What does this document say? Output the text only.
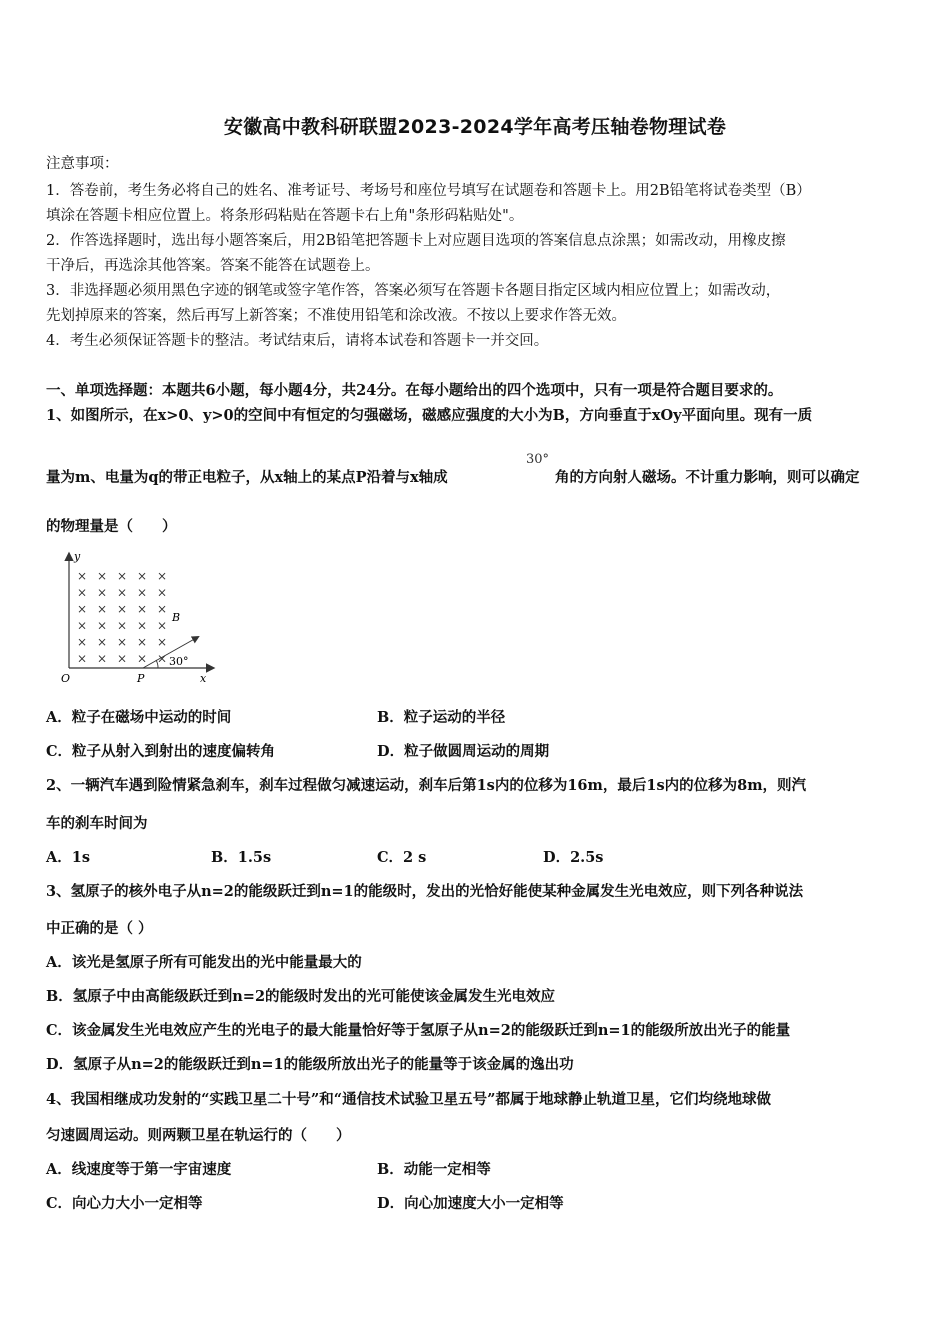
安徽高中教科研联盟2023-2024学年高考压轴卷物理试卷
注意事项：
1．答卷前，考生务必将自己的姓名、准考证号、考场号和座位号填写在试题卷和答题卡上。用2B铅笔将试卷类型（B）
填涂在答题卡相应位置上。将条形码粘贴在答题卡右上角"条形码粘贴处"。
2．作答选择题时，选出每小题答案后，用2B铅笔把答题卡上对应题目选项的答案信息点涂黑；如需改动，用橡皮擦
干净后，再选涂其他答案。答案不能答在试题卷上。
3．非选择题必须用黑色字迹的钢笔或签字笔作答，答案必须写在答题卡各题目指定区域内相应位置上；如需改动，
先划掉原来的答案，然后再写上新答案；不准使用铅笔和涂改液。不按以上要求作答无效。
4．考生必须保证答题卡的整洁。考试结束后，请将本试卷和答题卡一并交回。
一、单项选择题：本题共6小题，每小题4分，共24分。在每小题给出的四个选项中，只有一项是符合题目要求的。
1、如图所示，在x>0、y>0的空间中有恒定的匀强磁场，磁感应强度的大小为B，方向垂直于xOy平面向里。现有一质
量为m、电量为q的带正电粒子，从x轴上的某点P沿着与x轴成
30°
角的方向射人磁场。不计重力影响，则可以确定
的物理量是（　　）
y
x
O	P
B
× × × × ×
× × × × ×
× × × × ×
× × × × ×
× × × × ×
× × × × × 30°
A．粒子在磁场中运动的时间	B．粒子运动的半径
C．粒子从射入到射出的速度偏转角	D．粒子做圆周运动的周期
2、一辆汽车遇到险情紧急刹车，刹车过程做匀减速运动，刹车后第1s内的位移为16m，最后1s内的位移为8m，则汽
车的刹车时间为
A．1s	B．1.5s	C．2 s	D．2.5s
3、氢原子的核外电子从n=2的能级跃迁到n=1的能级时，发出的光恰好能使某种金属发生光电效应，则下列各种说法
中正确的是（ ）
A．该光是氢原子所有可能发出的光中能量最大的
B．氢原子中由高能级跃迁到n=2的能级时发出的光可能使该金属发生光电效应
C．该金属发生光电效应产生的光电子的最大能量恰好等于氢原子从n=2的能级跃迁到n=1的能级所放出光子的能量
D．氢原子从n=2的能级跃迁到n=1的能级所放出光子的能量等于该金属的逸出功
4、我国相继成功发射的“实践卫星二十号”和“通信技术试验卫星五号”都属于地球静止轨道卫星，它们均绕地球做
匀速圆周运动。则两颗卫星在轨运行的（　　）
A．线速度等于第一宇宙速度	B．动能一定相等
C．向心力大小一定相等	D．向心加速度大小一定相等
